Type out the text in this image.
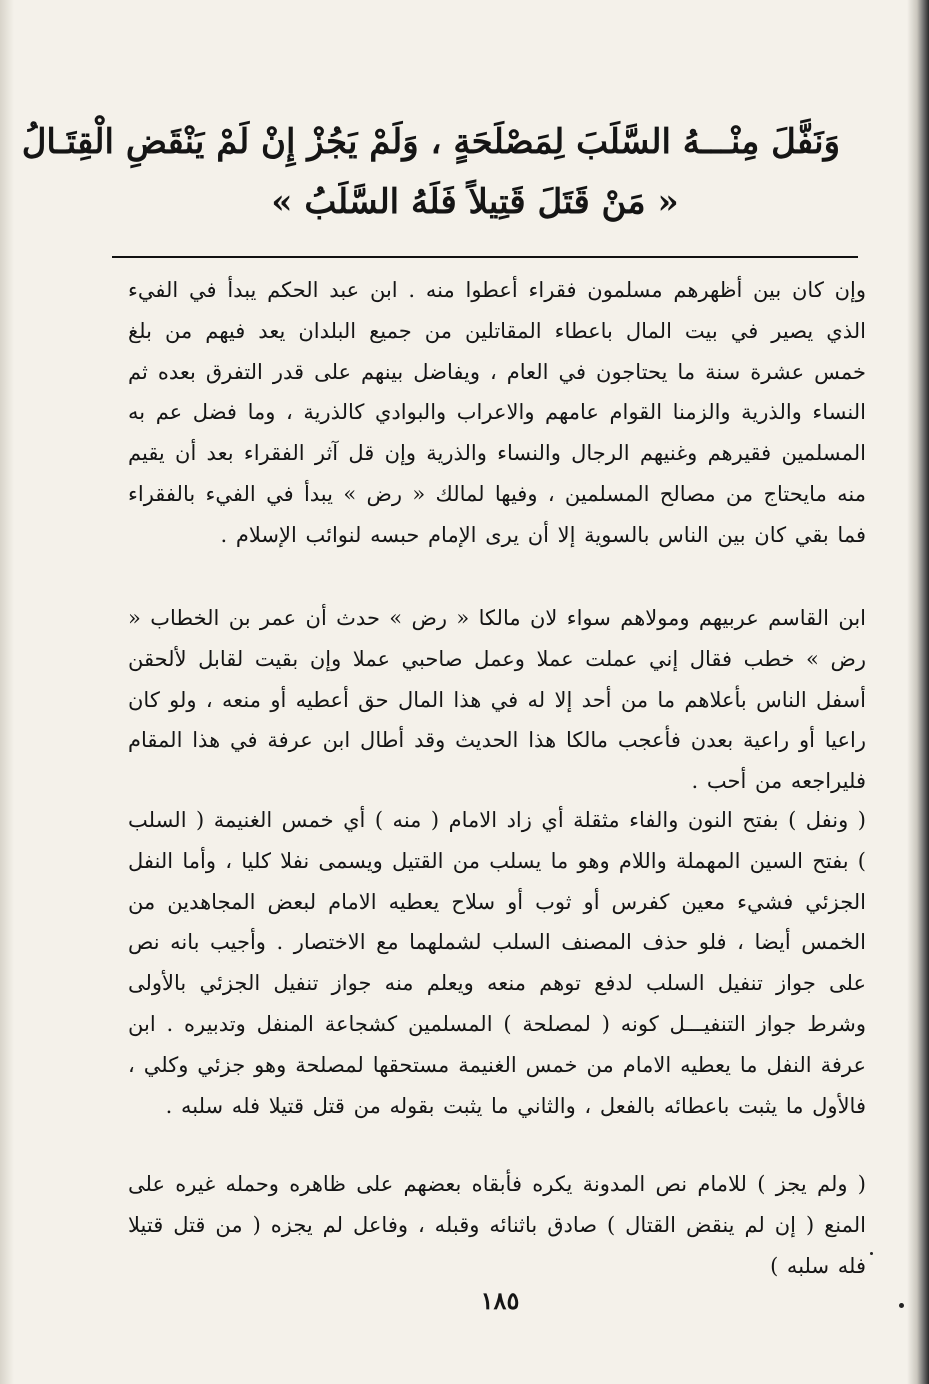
وَنَفَّلَ مِنْـــهُ السَّلَبَ لِمَصْلَحَةٍ ، وَلَمْ يَجُزْ إِنْ لَمْ يَنْقَضِ الْقِتَـالُ
« مَنْ قَتَلَ قَتِيلاً فَلَهُ السَّلَبُ »

وإن كان بين أظهرهم مسلمون فقراء أعطوا منه . ابن عبد الحكم يبدأ في الفيء الذي يصير في بيت المال باعطاء المقاتلين من جميع البلدان يعد فيهم من بلغ خمس عشرة سنة ما يحتاجون في العام ، ويفاضل بينهم على قدر التفرق بعده ثم النساء والذرية والزمنا القوام عامهم والاعراب والبوادي كالذرية ، وما فضل عم به المسلمين فقيرهم وغنيهم الرجال والنساء والذرية وإن قل آثر الفقراء بعد أن يقيم منه مايحتاج من مصالح المسلمين ، وفيها لمالك « رض » يبدأ في الفيء بالفقراء فما بقي كان بين الناس بالسوية إلا أن يرى الإمام حبسه لنوائب الإسلام .

ابن القاسم عربيهم ومولاهم سواء لان مالكا « رض » حدث أن عمر بن الخطاب « رض » خطب فقال إني عملت عملا وعمل صاحبي عملا وإن بقيت لقابل لألحقن أسفل الناس بأعلاهم ما من أحد إلا له في هذا المال حق أعطيه أو منعه ، ولو كان راعيا أو راعية بعدن فأعجب مالكا هذا الحديث وقد أطال ابن عرفة في هذا المقام فليراجعه من أحب .

( ونفل ) بفتح النون والفاء مثقلة أي زاد الامام ( منه ) أي خمس الغنيمة ( السلب ) بفتح السين المهملة واللام وهو ما يسلب من القتيل ويسمى نفلا كليا ، وأما النفل الجزئي فشيء معين كفرس أو ثوب أو سلاح يعطيه الامام لبعض المجاهدين من الخمس أيضا ، فلو حذف المصنف السلب لشملهما مع الاختصار . وأجيب بانه نص على جواز تنفيل السلب لدفع توهم منعه ويعلم منه جواز تنفيل الجزئي بالأولى وشرط جواز التنفيـــل كونه ( لمصلحة ) المسلمين كشجاعة المنفل وتدبيره . ابن عرفة النفل ما يعطيه الامام من خمس الغنيمة مستحقها لمصلحة وهو جزئي وكلي ، فالأول ما يثبت باعطائه بالفعل ، والثاني ما يثبت بقوله من قتل قتيلا فله سلبه .

( ولم يجز ) للامام نص المدونة يكره فأبقاه بعضهم على ظاهره وحمله غيره على المنع ( إن لم ينقض القتال ) صادق باثنائه وقبله ، وفاعل لم يجزه ( من قتل قتيلا فله سلبه )

١٨٥
